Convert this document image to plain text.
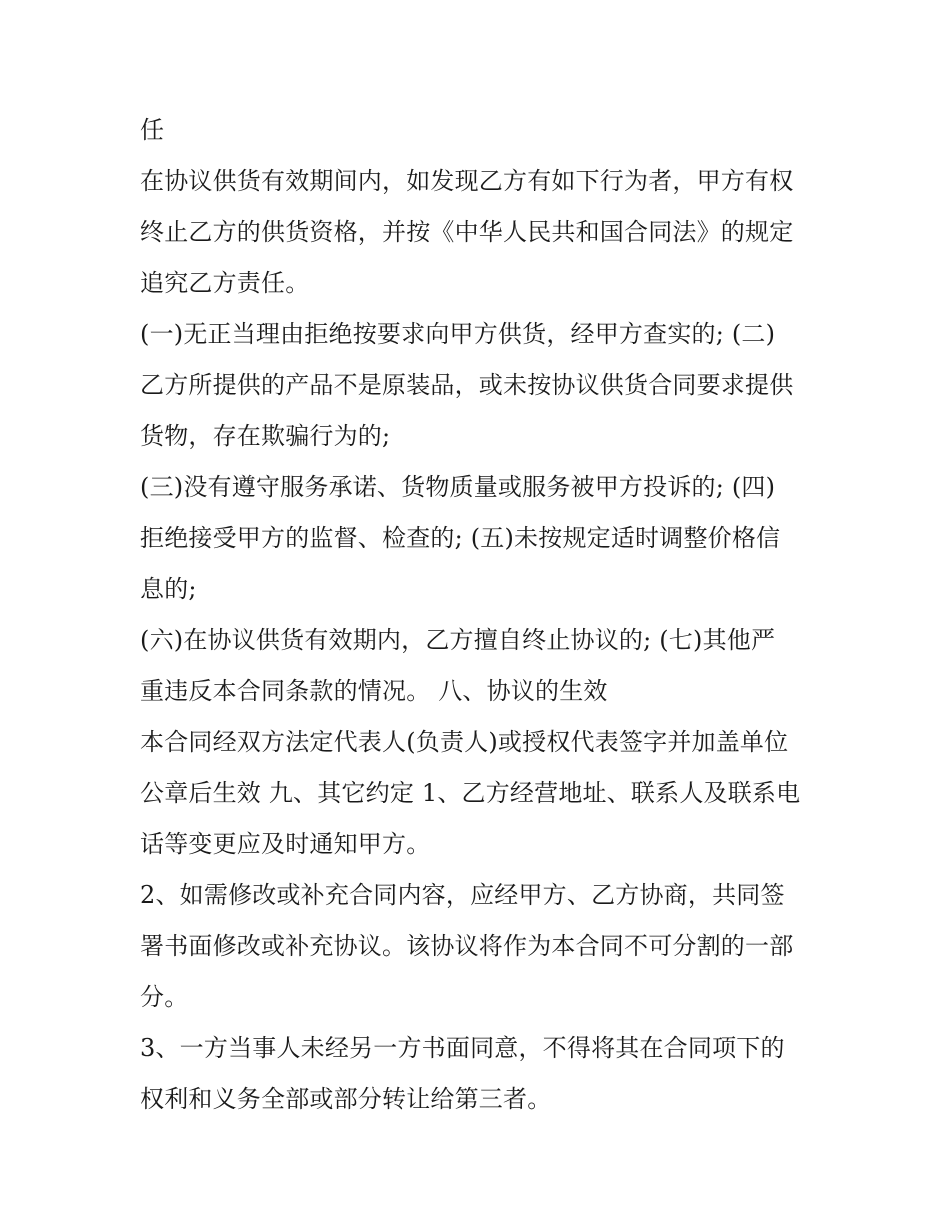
任
在协议供货有效期间内，如发现乙方有如下行为者，甲方有权
终止乙方的供货资格，并按《中华人民共和国合同法》的规定
追究乙方责任。
(一)无正当理由拒绝按要求向甲方供货，经甲方查实的; (二)
乙方所提供的产品不是原装品，或未按协议供货合同要求提供
货物，存在欺骗行为的;
(三)没有遵守服务承诺、货物质量或服务被甲方投诉的; (四)
拒绝接受甲方的监督、检查的; (五)未按规定适时调整价格信
息的;
(六)在协议供货有效期内，乙方擅自终止协议的; (七)其他严
重违反本合同条款的情况。 八、协议的生效
本合同经双方法定代表人(负责人)或授权代表签字并加盖单位
公章后生效 九、其它约定 1、乙方经营地址、联系人及联系电
话等变更应及时通知甲方。
2、如需修改或补充合同内容，应经甲方、乙方协商，共同签
署书面修改或补充协议。该协议将作为本合同不可分割的一部
分。
3、一方当事人未经另一方书面同意，不得将其在合同项下的
权利和义务全部或部分转让给第三者。
